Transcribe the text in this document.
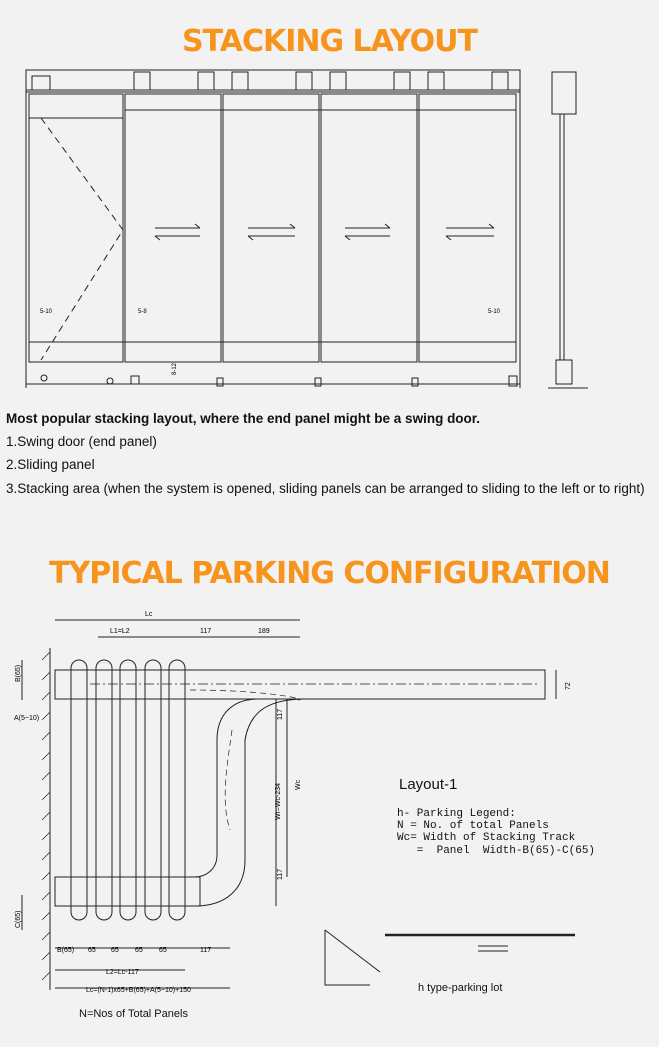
STACKING LAYOUT
5-10	5-8	5-10
8-12
Most popular stacking layout, where the end panel might be a swing door.
1.Swing door (end panel)
2.Sliding panel
3.Stacking area (when the system is opened, sliding panels can be arranged to sliding to the left or to right)
TYPICAL PARKING CONFIGURATION
Lc
L1=L2	117	189
72
B(65)
A(5~10)
C(65)
Wr=Wc-234 Wc
117
117
B(65) 65 65 65 65	117
L2=Lc-117
Lc=(N-1)x65+B(65)+A(5~10)+150
Layout-1
h- Parking Legend:
N = No. of total Panels
Wc= Width of Stacking Track
=  Panel  Width-B(65)-C(65)
h type-parking lot
N=Nos of Total Panels
